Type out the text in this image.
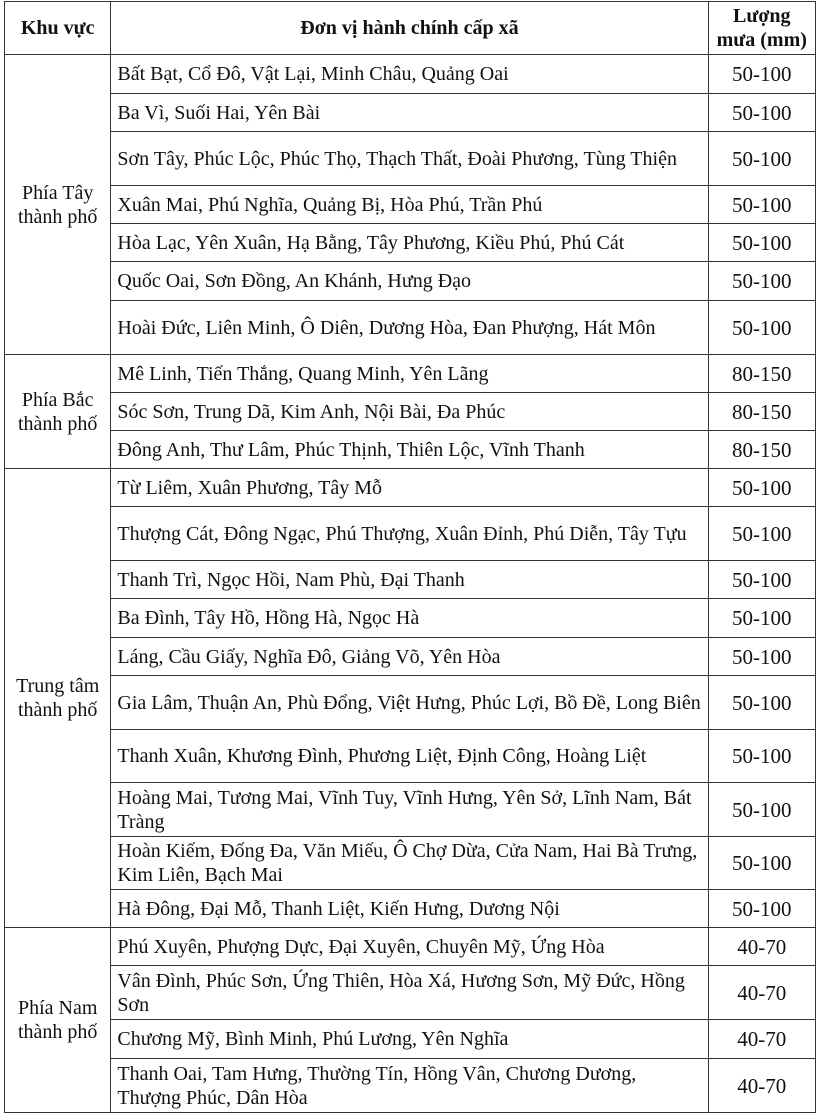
Khu vực	Đơn vị hành chính cấp xã	Lượng
mưa (mm)
Phía Tây
thành phố	Bất Bạt, Cổ Đô, Vật Lại, Minh Châu, Quảng Oai	50-100
	Ba Vì, Suối Hai, Yên Bài	50-100
	Sơn Tây, Phúc Lộc, Phúc Thọ, Thạch Thất, Đoài Phương, Tùng Thiện	50-100
	Xuân Mai, Phú Nghĩa, Quảng Bị, Hòa Phú, Trần Phú	50-100
	Hòa Lạc, Yên Xuân, Hạ Bằng, Tây Phương, Kiều Phú, Phú Cát	50-100
	Quốc Oai, Sơn Đồng, An Khánh, Hưng Đạo	50-100
	Hoài Đức, Liên Minh, Ô Diên, Dương Hòa, Đan Phượng, Hát Môn	50-100
Phía Bắc
thành phố	Mê Linh, Tiến Thắng, Quang Minh, Yên Lãng	80-150
	Sóc Sơn, Trung Dã, Kim Anh, Nội Bài, Đa Phúc	80-150
	Đông Anh, Thư Lâm, Phúc Thịnh, Thiên Lộc, Vĩnh Thanh	80-150
Trung tâm
thành phố	Từ Liêm, Xuân Phương, Tây Mỗ	50-100
	Thượng Cát, Đông Ngạc, Phú Thượng, Xuân Đỉnh, Phú Diễn, Tây Tựu	50-100
	Thanh Trì, Ngọc Hồi, Nam Phù, Đại Thanh	50-100
	Ba Đình, Tây Hồ, Hồng Hà, Ngọc Hà	50-100
	Láng, Cầu Giấy, Nghĩa Đô, Giảng Võ, Yên Hòa	50-100
	Gia Lâm, Thuận An, Phù Đổng, Việt Hưng, Phúc Lợi, Bồ Đề, Long Biên	50-100
	Thanh Xuân, Khương Đình, Phương Liệt, Định Công, Hoàng Liệt	50-100
	Hoàng Mai, Tương Mai, Vĩnh Tuy, Vĩnh Hưng, Yên Sở, Lĩnh Nam, Bát Tràng	50-100
	Hoàn Kiếm, Đống Đa, Văn Miếu, Ô Chợ Dừa, Cửa Nam, Hai Bà Trưng, Kim Liên, Bạch Mai	50-100
	Hà Đông, Đại Mỗ, Thanh Liệt, Kiến Hưng, Dương Nội	50-100
Phía Nam
thành phố	Phú Xuyên, Phượng Dực, Đại Xuyên, Chuyên Mỹ, Ứng Hòa	40-70
	Vân Đình, Phúc Sơn, Ứng Thiên, Hòa Xá, Hương Sơn, Mỹ Đức, Hồng Sơn	40-70
	Chương Mỹ, Bình Minh, Phú Lương, Yên Nghĩa	40-70
	Thanh Oai, Tam Hưng, Thường Tín, Hồng Vân, Chương Dương, Thượng Phúc, Dân Hòa	40-70
